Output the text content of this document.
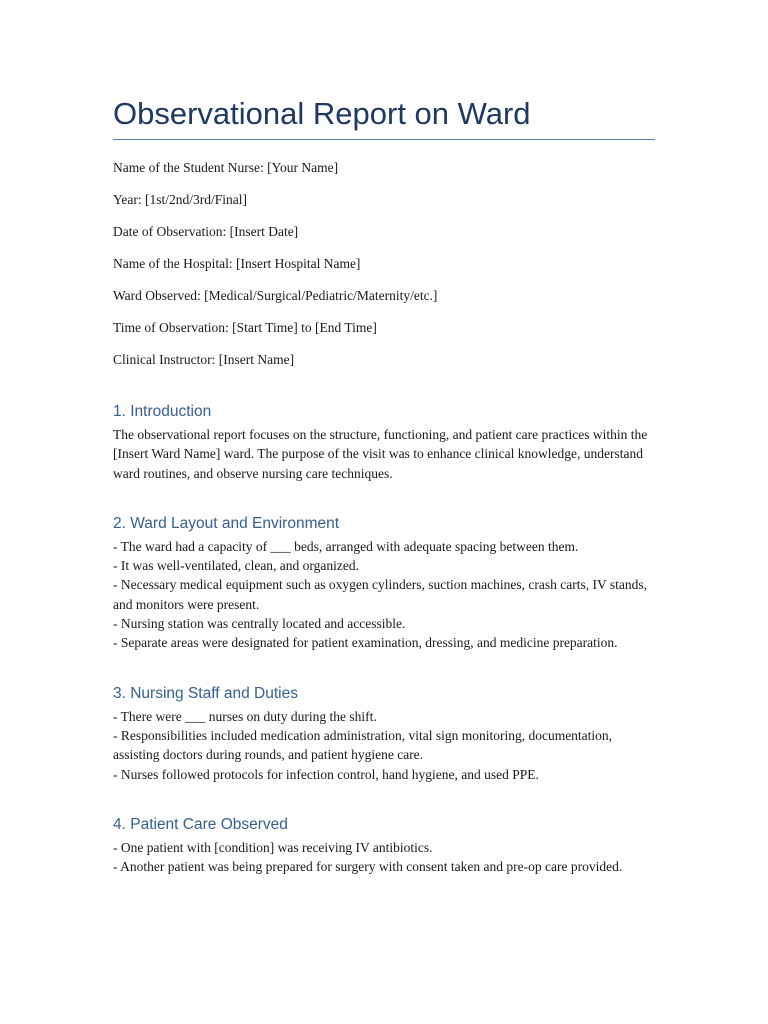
Observational Report on Ward

Name of the Student Nurse: [Your Name]

Year: [1st/2nd/3rd/Final]

Date of Observation: [Insert Date]

Name of the Hospital: [Insert Hospital Name]

Ward Observed: [Medical/Surgical/Pediatric/Maternity/etc.]

Time of Observation: [Start Time] to [End Time]

Clinical Instructor: [Insert Name]

1. Introduction

The observational report focuses on the structure, functioning, and patient care practices within the [Insert Ward Name] ward. The purpose of the visit was to enhance clinical knowledge, understand ward routines, and observe nursing care techniques.

2. Ward Layout and Environment

- The ward had a capacity of ___ beds, arranged with adequate spacing between them.

- It was well-ventilated, clean, and organized.

- Necessary medical equipment such as oxygen cylinders, suction machines, crash carts, IV stands, and monitors were present.

- Nursing station was centrally located and accessible.

- Separate areas were designated for patient examination, dressing, and medicine preparation.

3. Nursing Staff and Duties

- There were ___ nurses on duty during the shift.

- Responsibilities included medication administration, vital sign monitoring, documentation, assisting doctors during rounds, and patient hygiene care.

- Nurses followed protocols for infection control, hand hygiene, and used PPE.

4. Patient Care Observed

- One patient with [condition] was receiving IV antibiotics.

- Another patient was being prepared for surgery with consent taken and pre-op care provided.
